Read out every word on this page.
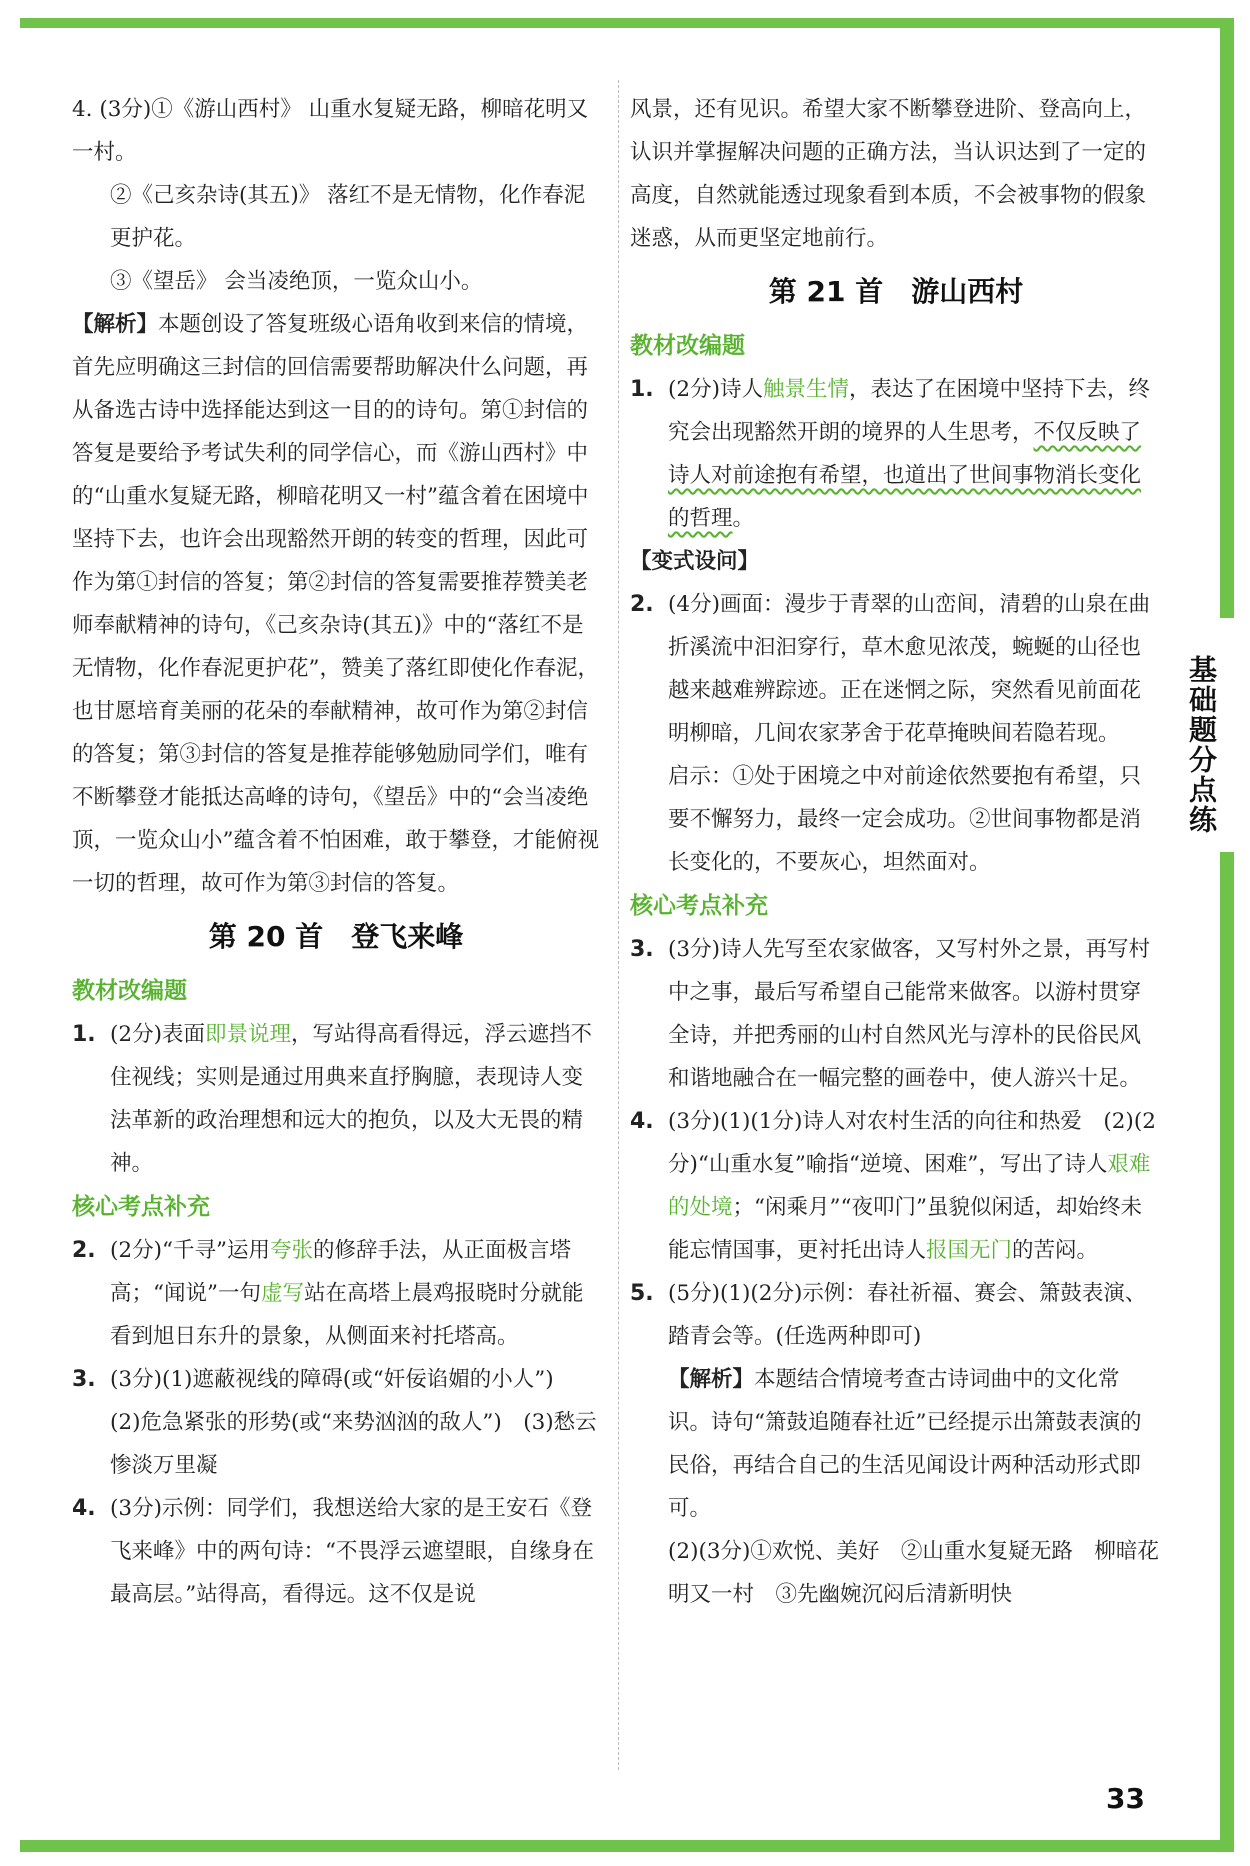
基础题分点练
33

4. (3分)①《游山西村》 山重水复疑无路，柳暗花明又一村。

②《己亥杂诗(其五)》 落红不是无情物，化作春泥更护花。

③《望岳》 会当凌绝顶，一览众山小。

【解析】本题创设了答复班级心语角收到来信的情境，首先应明确这三封信的回信需要帮助解决什么问题，再从备选古诗中选择能达到这一目的的诗句。第①封信的答复是要给予考试失利的同学信心，而《游山西村》中的“山重水复疑无路，柳暗花明又一村”蕴含着在困境中坚持下去，也许会出现豁然开朗的转变的哲理，因此可作为第①封信的答复；第②封信的答复需要推荐赞美老师奉献精神的诗句，《己亥杂诗(其五)》中的“落红不是无情物，化作春泥更护花”，赞美了落红即使化作春泥，也甘愿培育美丽的花朵的奉献精神，故可作为第②封信的答复；第③封信的答复是推荐能够勉励同学们，唯有不断攀登才能抵达高峰的诗句，《望岳》中的“会当凌绝顶，一览众山小”蕴含着不怕困难，敢于攀登，才能俯视一切的哲理，故可作为第③封信的答复。

第 20 首　登飞来峰

教材改编题

1. (2分)表面即景说理，写站得高看得远，浮云遮挡不住视线；实则是通过用典来直抒胸臆，表现诗人变法革新的政治理想和远大的抱负，以及大无畏的精神。

核心考点补充

2. (2分)“千寻”运用夸张的修辞手法，从正面极言塔高；“闻说”一句虚写站在高塔上晨鸡报晓时分就能看到旭日东升的景象，从侧面来衬托塔高。

3. (3分)(1)遮蔽视线的障碍(或“奸佞谄媚的小人”)　(2)危急紧张的形势(或“来势汹汹的敌人”)　(3)愁云惨淡万里凝

4. (3分)示例：同学们，我想送给大家的是王安石《登飞来峰》中的两句诗：“不畏浮云遮望眼，自缘身在最高层。”站得高，看得远。这不仅是说

风景，还有见识。希望大家不断攀登进阶、登高向上，认识并掌握解决问题的正确方法，当认识达到了一定的高度，自然就能透过现象看到本质，不会被事物的假象迷惑，从而更坚定地前行。

第 21 首　游山西村

教材改编题

1. (2分)诗人触景生情，表达了在困境中坚持下去，终究会出现豁然开朗的境界的人生思考，不仅反映了诗人对前途抱有希望，也道出了世间事物消长变化的哲理。

【变式设问】

2. (4分)画面：漫步于青翠的山峦间，清碧的山泉在曲折溪流中汩汩穿行，草木愈见浓茂，蜿蜒的山径也越来越难辨踪迹。正在迷惘之际，突然看见前面花明柳暗，几间农家茅舍于花草掩映间若隐若现。

启示：①处于困境之中对前途依然要抱有希望，只要不懈努力，最终一定会成功。②世间事物都是消长变化的，不要灰心，坦然面对。

核心考点补充

3. (3分)诗人先写至农家做客，又写村外之景，再写村中之事，最后写希望自己能常来做客。以游村贯穿全诗，并把秀丽的山村自然风光与淳朴的民俗民风和谐地融合在一幅完整的画卷中，使人游兴十足。

4. (3分)(1)(1分)诗人对农村生活的向往和热爱　(2)(2分)“山重水复”喻指“逆境、困难”，写出了诗人艰难的处境；“闲乘月”“夜叩门”虽貌似闲适，却始终未能忘情国事，更衬托出诗人报国无门的苦闷。

5. (5分)(1)(2分)示例：春社祈福、赛会、箫鼓表演、踏青会等。(任选两种即可)

【解析】本题结合情境考查古诗词曲中的文化常识。诗句“箫鼓追随春社近”已经提示出箫鼓表演的民俗，再结合自己的生活见闻设计两种活动形式即可。

(2)(3分)①欢悦、美好　②山重水复疑无路　柳暗花明又一村　③先幽婉沉闷后清新明快
